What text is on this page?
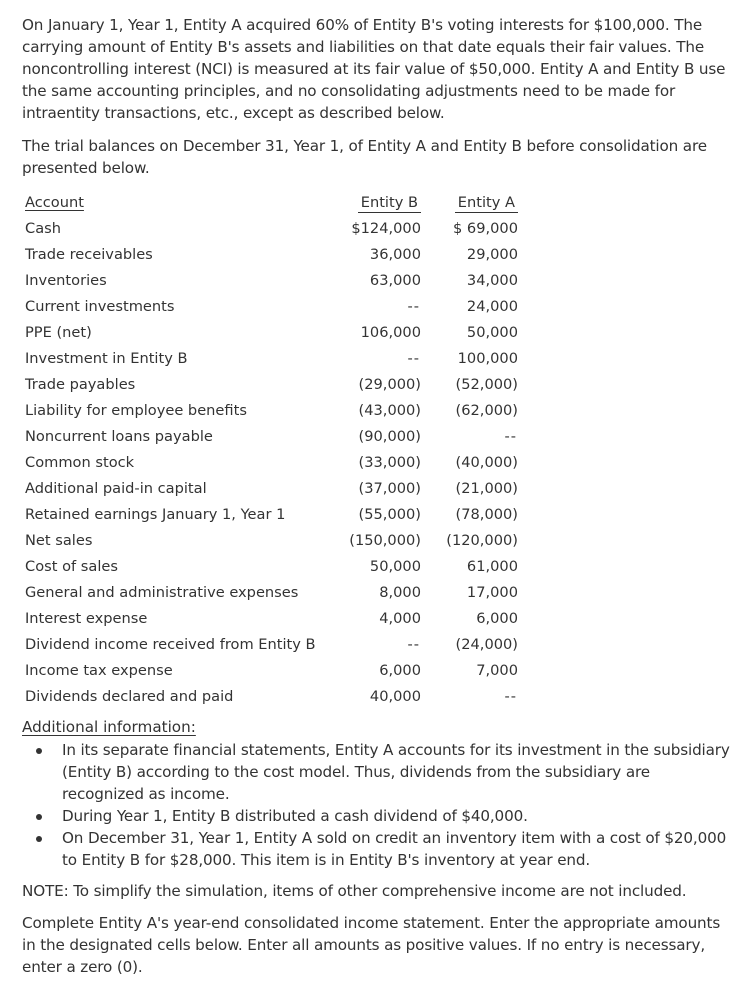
On January 1, Year 1, Entity A acquired 60% of Entity B's voting interests for $100,000. The carrying amount of Entity B's assets and liabilities on that date equals their fair values. The noncontrolling interest (NCI) is measured at its fair value of $50,000. Entity A and Entity B use the same accounting principles, and no consolidating adjustments need to be made for intraentity transactions, etc., except as described below.

The trial balances on December 31, Year 1, of Entity A and Entity B before consolidation are presented below.

Account	Entity B		Entity A
Cash	$124,000		$ 69,000
Trade receivables	36,000		29,000
Inventories	63,000		34,000
Current investments	--		24,000
PPE (net)	106,000		50,000
Investment in Entity B	--		100,000
Trade payables	(29,000)		(52,000)
Liability for employee benefits	(43,000)		(62,000)
Noncurrent loans payable	(90,000)		--
Common stock	(33,000)		(40,000)
Additional paid-in capital	(37,000)		(21,000)
Retained earnings January 1, Year 1	(55,000)		(78,000)
Net sales	(150,000)		(120,000)
Cost of sales	50,000		61,000
General and administrative expenses	8,000		17,000
Interest expense	4,000		6,000
Dividend income received from Entity B	--		(24,000)
Income tax expense	6,000		7,000
Dividends declared and paid	40,000		--
Additional information:
In its separate financial statements, Entity A accounts for its investment in the subsidiary (Entity B) according to the cost model. Thus, dividends from the subsidiary are recognized as income.
During Year 1, Entity B distributed a cash dividend of $40,000.
On December 31, Year 1, Entity A sold on credit an inventory item with a cost of $20,000 to Entity B for $28,000. This item is in Entity B's inventory at year end.

NOTE: To simplify the simulation, items of other comprehensive income are not included.

Complete Entity A's year-end consolidated income statement. Enter the appropriate amounts in the designated cells below. Enter all amounts as positive values. If no entry is necessary, enter a zero (0).
